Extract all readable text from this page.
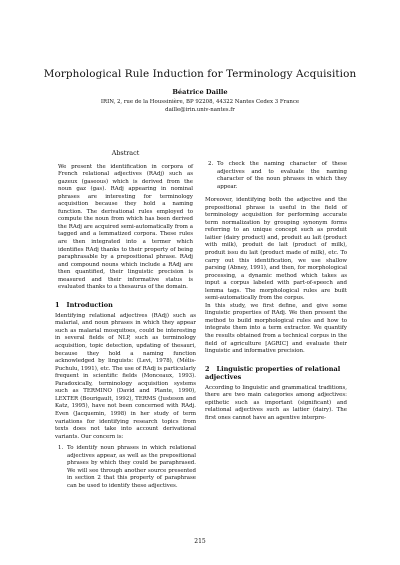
Morphological Rule Induction for Terminology Acquisition
Béatrice Daille
IRIN, 2, rue de la Houssinière, BP 92208, 44322 Nantes Cedex 3 France
daille@irin.univ-nantes.fr
Abstract

We present the identification in corpora of French relational adjectives (RAdj) such as gazeux (gaseous) which is derived from the noun gaz (gas). RAdj appearing in nominal phrases are interesting for terminology acquisition because they hold a naming function. The derivational rules employed to compute the noun from which has been derived the RAdj are acquired semi-automatically from a tagged and a lemmatized corpora. These rules are then integrated into a termer which identifies RAdj thanks to their property of being paraphrasable by a prepositional phrase. RAdj and compound nouns which include a RAdj are then quantified, their linguistic precision is measured and their informative status is evaluated thanks to a thesaurus of the domain.

1 Introduction

Identifying relational adjectives (RAdj) such as malarial, and noun phrases in which they appear such as malarial mosquitoes, could be interesting in several fields of NLP, such as terminology acquisition, topic detection, updating of thesauri, because they hold a naming function acknowledged by linguists: (Levi, 1978), (Mélis-Puchulu, 1991), etc. The use of RAdj is particularly frequent in scientific fields (Monceaux, 1993). Paradoxically, terminology acquisition systems such as TERMINO (David and Plante, 1990), LEXTER (Bourigault, 1992), TERMS (Justeson and Katz, 1995), have not been concerned with RAdj. Even (Jacquemin, 1998) in her study of term variations for identifying research topics from texts does not take into account derivational variants. Our concern is:

1. To identify noun phrases in which relational adjectives appear, as well as the prepositional phrases by which they could be paraphrased. We will see through another source presented in section 2 that this property of paraphrase can be used to identify these adjectives.
2. To check the naming character of these adjectives and to evaluate the naming character of the noun phrases in which they appear.

Moreover, identifying both the adjective and the prepositional phrase is useful in the field of terminology acquisition for performing accurate term normalization by grouping synonym forms referring to an unique concept such as produit laitier (dairy product) and, produit au lait (product with milk), produit de lait (product of milk), produit issu du lait (product made of milk), etc. To carry out this identification, we use shallow parsing (Abney, 1991), and then, for morphological processing, a dynamic method which takes as input a corpus labeled with part-of-speech and lemma tags. The morphological rules are built semi-automatically from the corpus.

In this study, we first define, and give some linguistic properties of RAdj. We then present the method to build morphological rules and how to integrate them into a term extractor. We quantify the results obtained from a technical corpus in the field of agriculture [AGRIC] and evaluate their linguistic and informative precision.

2 Linguistic properties of relational adjectives

According to linguistic and grammatical traditions, there are two main categories among adjectives: epithetic such as important (significant) and relational adjectives such as laitier (dairy). The first ones cannot have an agentive interpre-

215
